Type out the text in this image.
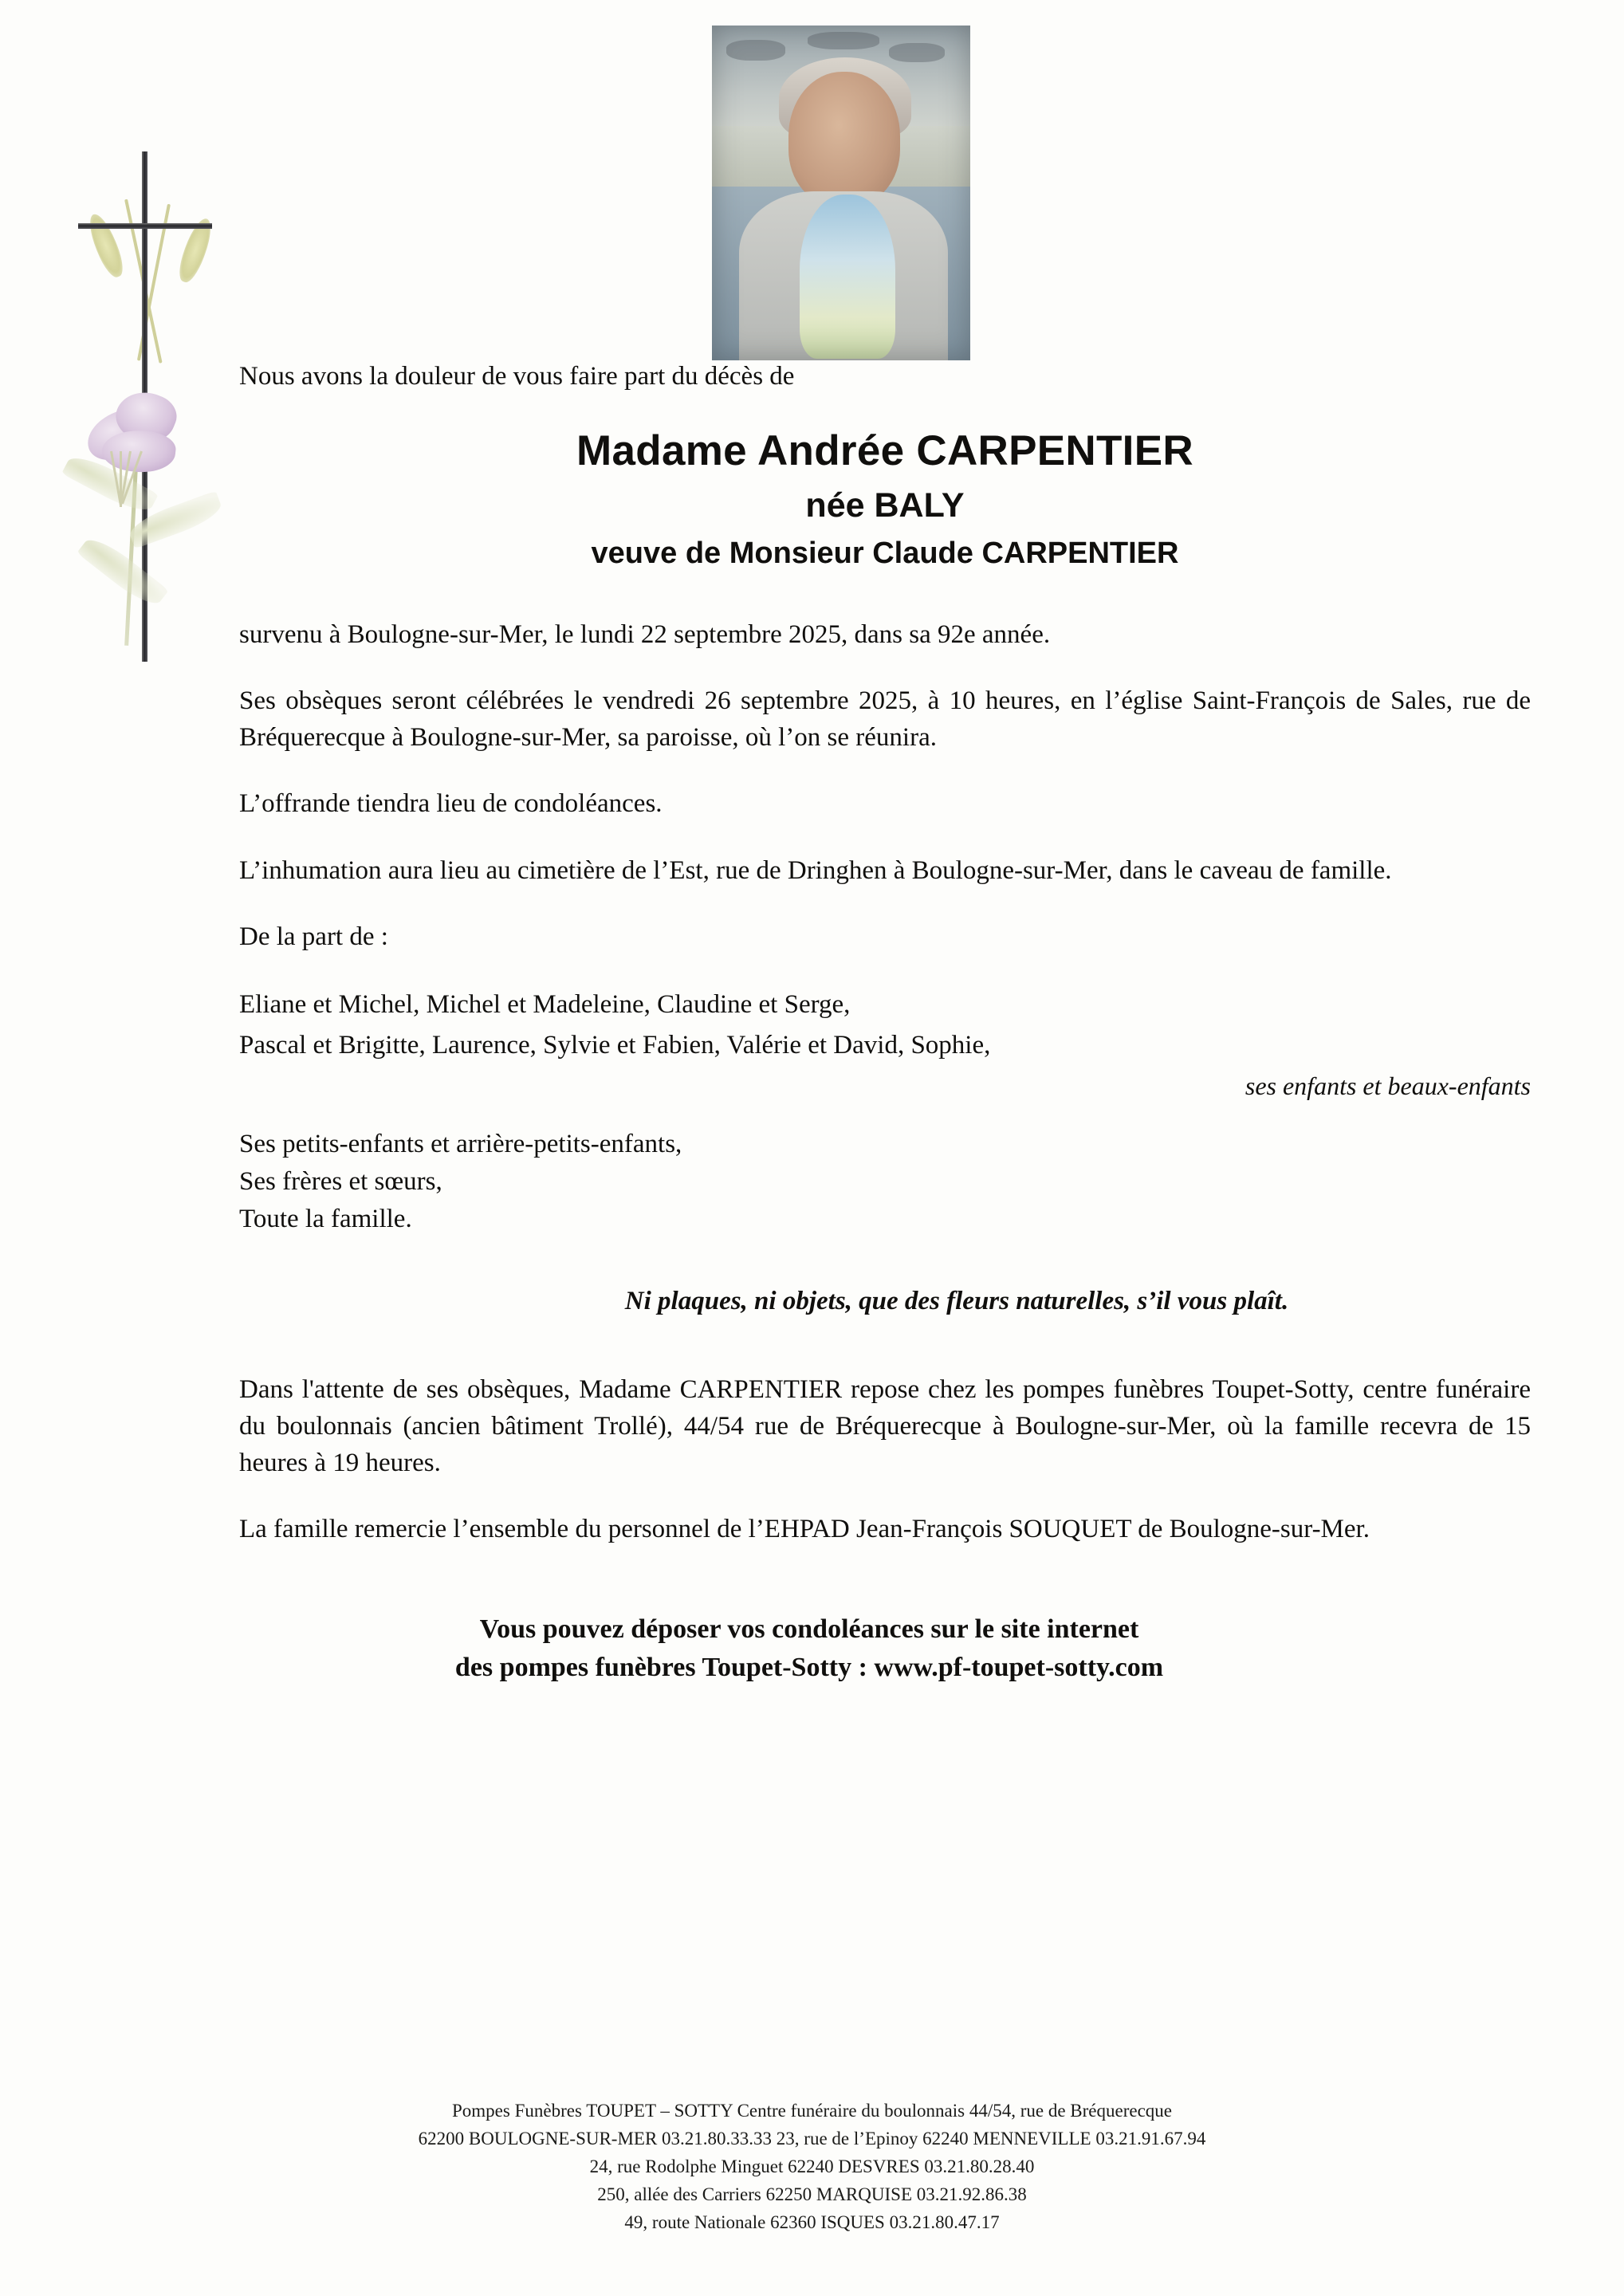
Nous avons la douleur de vous faire part du décès de

Madame Andrée CARPENTIER
née BALY
veuve de Monsieur Claude CARPENTIER

survenu à Boulogne-sur-Mer, le lundi 22 septembre 2025, dans sa 92e année.

Ses obsèques seront célébrées le vendredi 26 septembre 2025, à 10 heures, en l’église Saint-François de Sales, rue de Bréquerecque à Boulogne-sur-Mer, sa paroisse, où l’on se réunira.

L’offrande tiendra lieu de condoléances.

L’inhumation aura lieu au cimetière de l’Est, rue de Dringhen à Boulogne-sur-Mer, dans le caveau de famille.

De la part de :

Eliane et Michel, Michel et Madeleine, Claudine et Serge,
Pascal et Brigitte, Laurence, Sylvie et Fabien, Valérie et David, Sophie,
ses enfants et beaux-enfants
Ses petits-enfants et arrière-petits-enfants,
Ses frères et sœurs,
Toute la famille.

Ni plaques, ni objets, que des fleurs naturelles, s’il vous plaît.

Dans l'attente de ses obsèques, Madame CARPENTIER repose chez les pompes funèbres Toupet-Sotty, centre funéraire du boulonnais (ancien bâtiment Trollé), 44/54 rue de Bréquerecque à Boulogne-sur-Mer, où la famille recevra de 15 heures à 19 heures.

La famille remercie l’ensemble du personnel de l’EHPAD Jean-François SOUQUET de Boulogne-sur-Mer.

Vous pouvez déposer vos condoléances sur le site internet
des pompes funèbres Toupet-Sotty : www.pf-toupet-sotty.com
Pompes Funèbres TOUPET – SOTTY Centre funéraire du boulonnais 44/54, rue de Bréquerecque
62200 BOULOGNE-SUR-MER 03.21.80.33.33 23, rue de l’Epinoy 62240 MENNEVILLE 03.21.91.67.94
24, rue Rodolphe Minguet 62240 DESVRES 03.21.80.28.40
250, allée des Carriers 62250 MARQUISE 03.21.92.86.38
49, route Nationale 62360 ISQUES 03.21.80.47.17
